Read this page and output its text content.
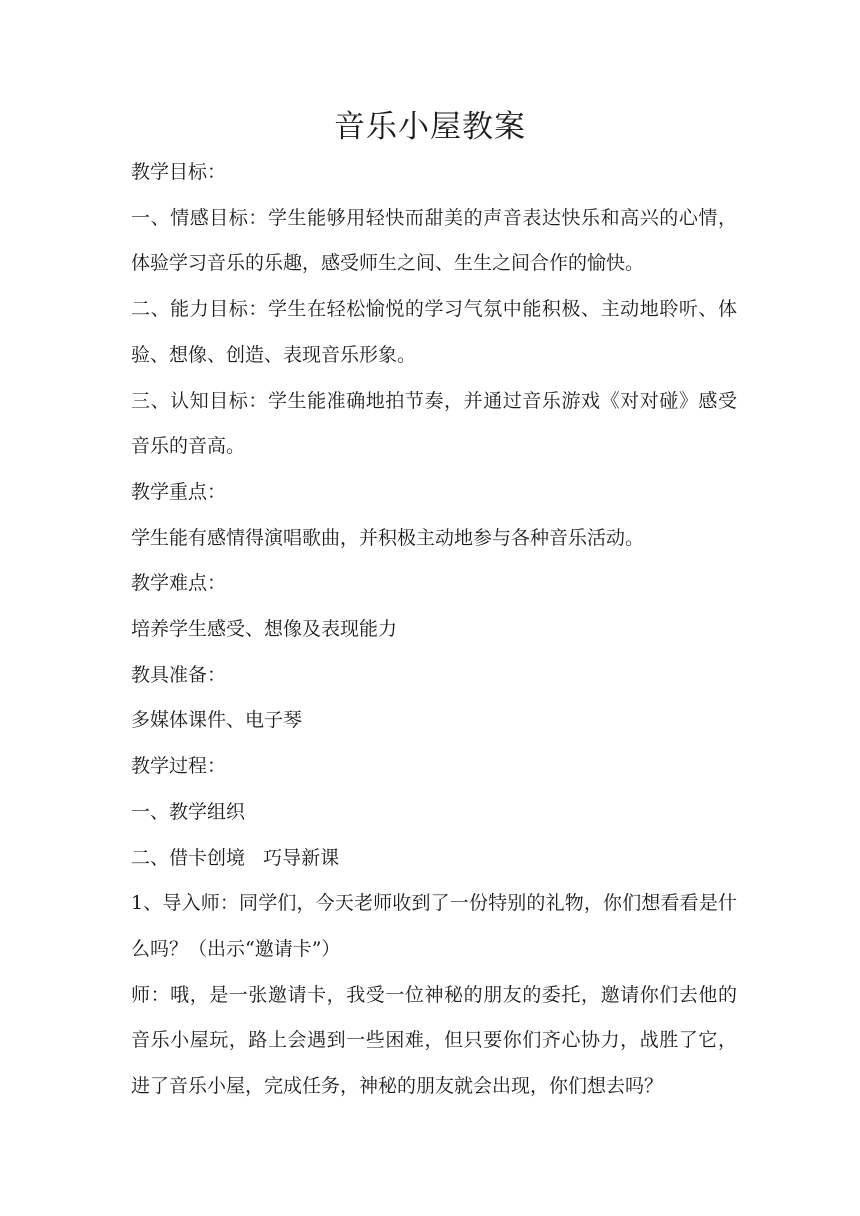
音乐小屋教案

教学目标：

一、情感目标：学生能够用轻快而甜美的声音表达快乐和高兴的心情，体验学习音乐的乐趣，感受师生之间、生生之间合作的愉快。

二、能力目标：学生在轻松愉悦的学习气氛中能积极、主动地聆听、体验、想像、创造、表现音乐形象。

三、认知目标：学生能准确地拍节奏，并通过音乐游戏《对对碰》感受音乐的音高。

教学重点：

学生能有感情得演唱歌曲，并积极主动地参与各种音乐活动。

教学难点：

培养学生感受、想像及表现能力

教具准备：

多媒体课件、电子琴

教学过程：

一、教学组织

二、借卡创境   巧导新课

1、导入师：同学们，今天老师收到了一份特别的礼物，你们想看看是什么吗？（出示“邀请卡”）

师：哦，是一张邀请卡，我受一位神秘的朋友的委托，邀请你们去他的音乐小屋玩，路上会遇到一些困难，但只要你们齐心协力，战胜了它，进了音乐小屋，完成任务，神秘的朋友就会出现，你们想去吗？
